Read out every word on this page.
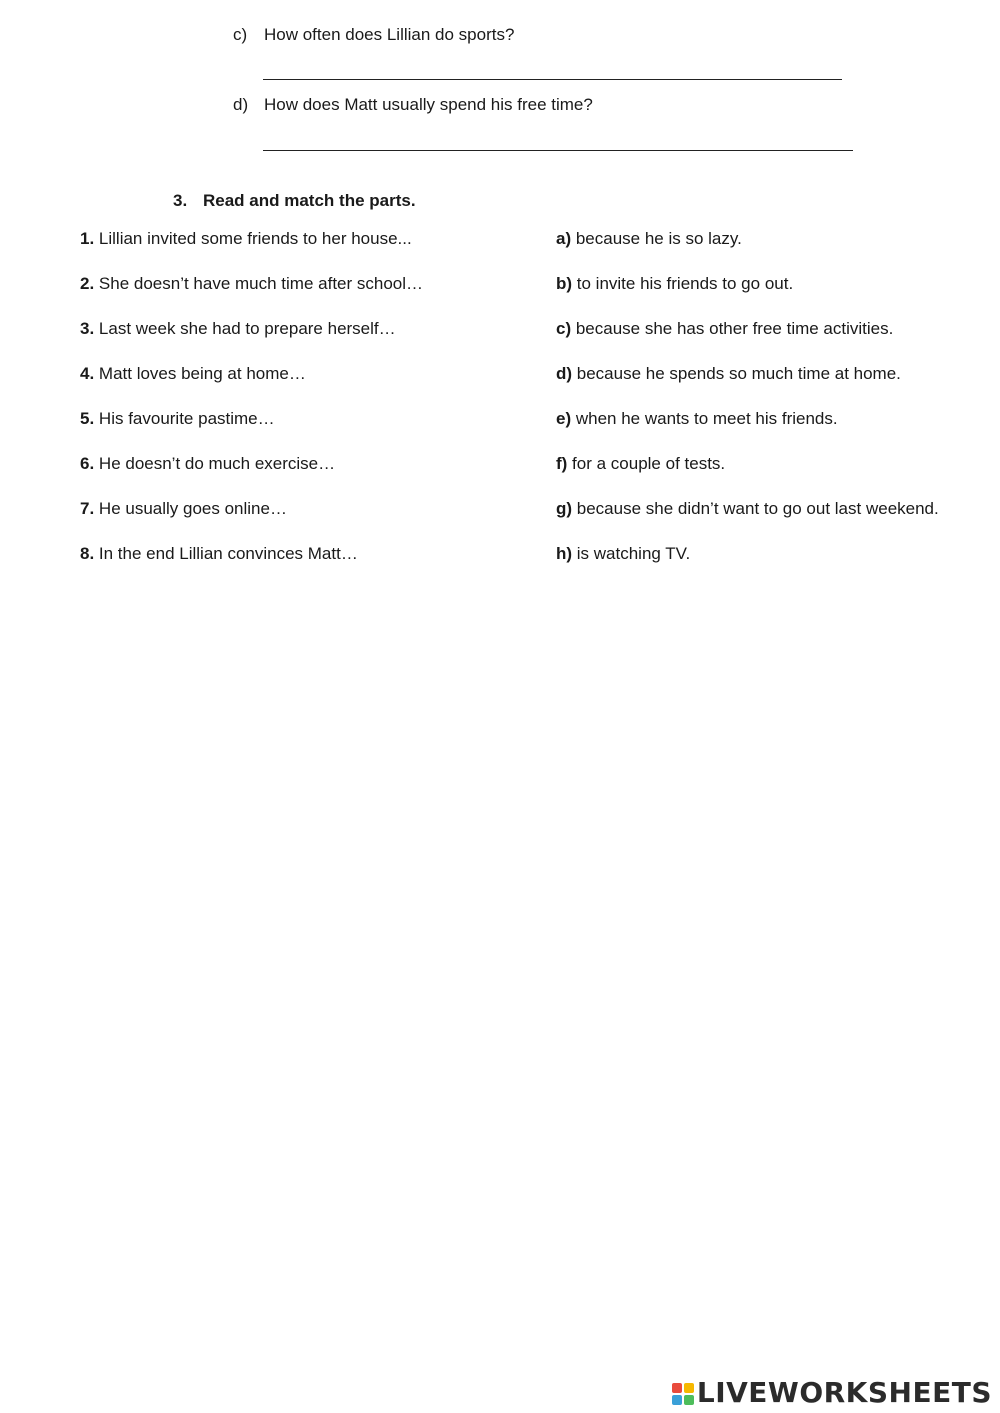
c) How often does Lillian do sports?
d) How does Matt usually spend his free time?
3. Read and match the parts.
1. Lillian invited some friends to her house...
2. She doesn’t have much time after school…
3. Last week she had to prepare herself…
4. Matt loves being at home…
5. His favourite pastime…
6. He doesn’t do much exercise…
7. He usually goes online…
8. In the end Lillian convinces Matt…
a) because he is so lazy.
b) to invite his friends to go out.
c) because she has other free time activities.
d) because he spends so much time at home.
e) when he wants to meet his friends.
f) for a couple of tests.
g) because she didn’t want to go out last weekend.
h) is watching TV.
LIVEWORKSHEETS
